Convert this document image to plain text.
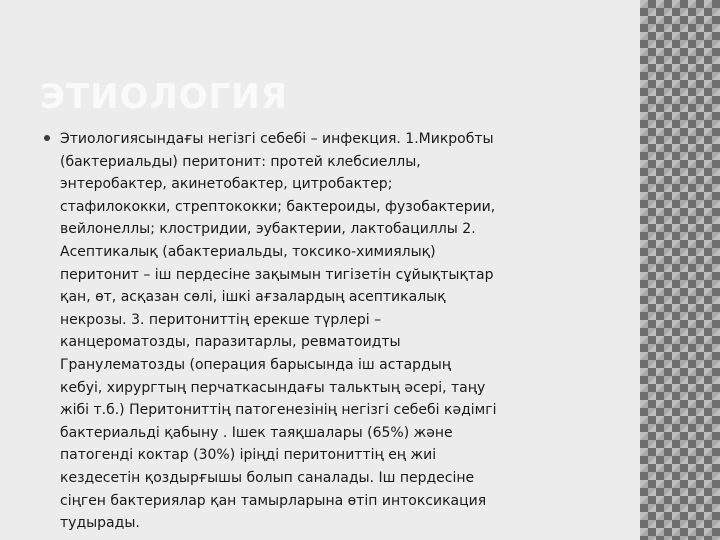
ЭТИОЛОГИЯ

Этиологиясындағы негізгі себебі – инфекция. 1.Микробты
(бактериальды) перитонит: протей клебсиеллы,
энтеробактер, акинетобактер, цитробактер;
стафилококки, стрептококки; бактероиды, фузобактерии,
вейлонеллы; клостридии, эубактерии, лактобациллы 2.
Асептикалық (абактериальды, токсико-химиялық)
перитонит – іш пердесіне зақымын тигізетін сұйықтықтар
қан, өт, асқазан сөлі, ішкі ағзалардың асептикалық
некрозы. 3. перитониттің ерекше түрлері –
канцероматозды, паразитарлы, ревматоидты
Гранулематозды (операция барысында іш астардың
кебуі, хирургтың перчаткасындағы тальктың әсері, таңу
жібі т.б.) Перитониттің патогенезінің негізгі себебі кәдімгі
бактериальді қабыну . Ішек таяқшалары (65%) және
патогенді коктар (30%) іріңді перитониттің ең жиі
кездесетін қоздырғышы болып саналады. Іш пердесіне
сіңген бактериялар қан тамырларына өтіп интоксикация
тудырады.
